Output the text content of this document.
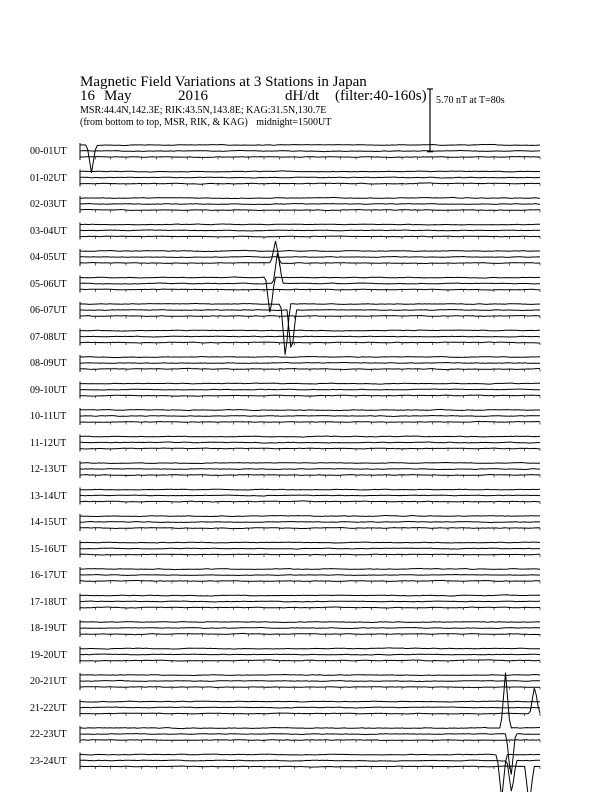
Magnetic Field Variations at 3 Stations in Japan
16 May	2016	dH/dt (filter:40-160s)
MSR:44.4N,142.3E; RIK:43.5N,143.8E; KAG:31.5N,130.7E
(from bottom to top, MSR, RIK, & KAG) midnight=1500UT
5.70 nT at T=80s
00-01UT
01-02UT
02-03UT
03-04UT
04-05UT
05-06UT
06-07UT
07-08UT
08-09UT
09-10UT
10-11UT
11-12UT
12-13UT
13-14UT
14-15UT
15-16UT
16-17UT
17-18UT
18-19UT
19-20UT
20-21UT
21-22UT
22-23UT
23-24UT
